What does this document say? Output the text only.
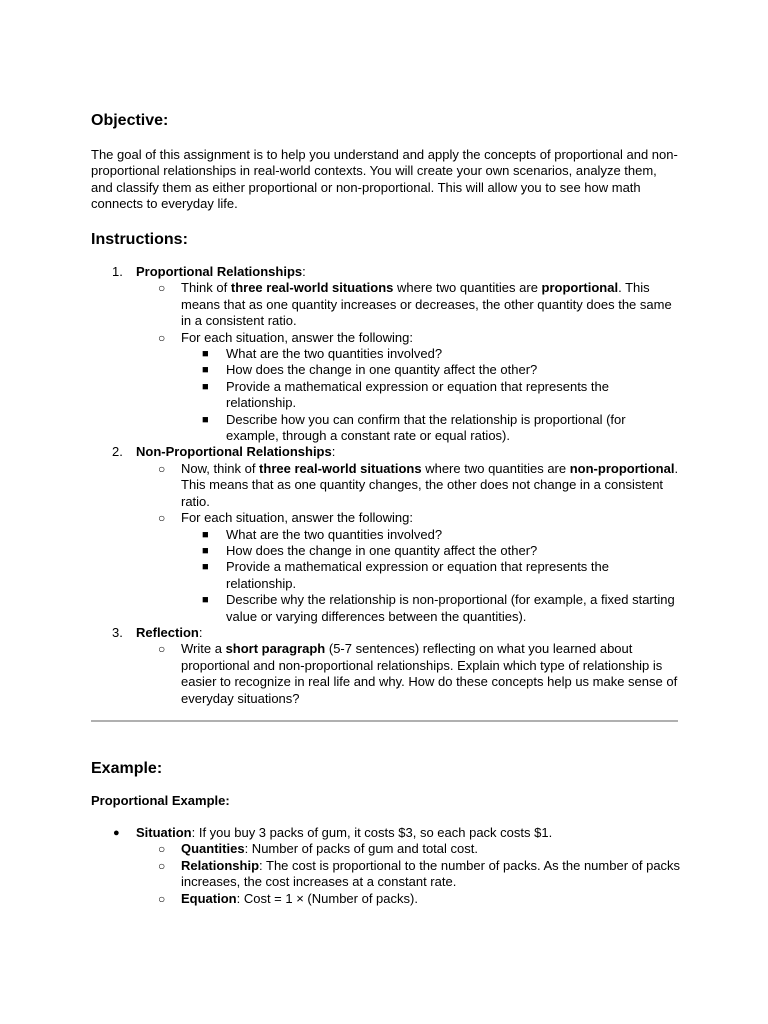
Objective:

The goal of this assignment is to help you understand and apply the concepts of proportional and non-proportional relationships in real-world contexts. You will create your own scenarios, analyze them, and classify them as either proportional or non-proportional. This will allow you to see how math connects to everyday life.

Instructions:
1. Proportional Relationships:
○ Think of three real-world situations where two quantities are proportional. This means that as one quantity increases or decreases, the other quantity does the same in a consistent ratio.
○ For each situation, answer the following:
■ What are the two quantities involved?
■ How does the change in one quantity affect the other?
■ Provide a mathematical expression or equation that represents the relationship.
■ Describe how you can confirm that the relationship is proportional (for example, through a constant rate or equal ratios).
2. Non-Proportional Relationships:
○ Now, think of three real-world situations where two quantities are non-proportional. This means that as one quantity changes, the other does not change in a consistent ratio.
○ For each situation, answer the following:
■ What are the two quantities involved?
■ How does the change in one quantity affect the other?
■ Provide a mathematical expression or equation that represents the relationship.
■ Describe why the relationship is non-proportional (for example, a fixed starting value or varying differences between the quantities).
3. Reflection:
○ Write a short paragraph (5-7 sentences) reflecting on what you learned about proportional and non-proportional relationships. Explain which type of relationship is easier to recognize in real life and why. How do these concepts help us make sense of everyday situations?
Example:
Proportional Example:
● Situation: If you buy 3 packs of gum, it costs $3, so each pack costs $1.
○ Quantities: Number of packs of gum and total cost.
○ Relationship: The cost is proportional to the number of packs. As the number of packs increases, the cost increases at a constant rate.
○ Equation: Cost = 1 × (Number of packs).
